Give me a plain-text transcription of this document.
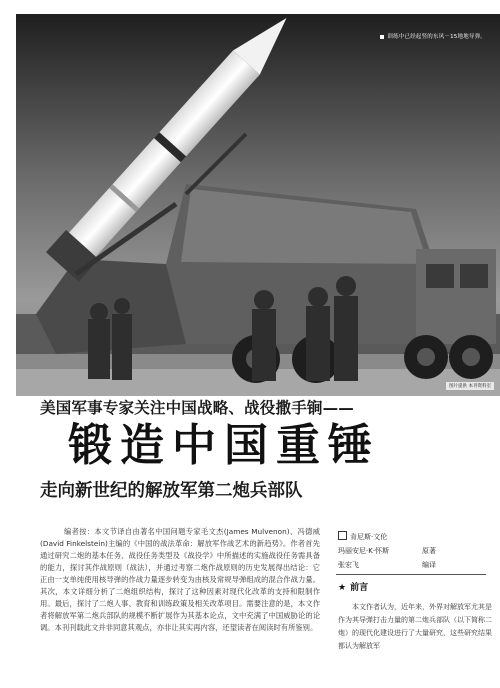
训练中已经起竖的东风－15地地导弹。
图片提供 本刊资料室
美国军事专家关注中国战略、战役撒手锏——
锻造中国重锤
走向新世纪的解放军第二炮兵部队
编者按：本文节译自由著名中国问题专家毛文杰(James Mulvenon)、冯德威(David Finkelstein)主编的《中国的战法革命：解放军作战艺术的新趋势》。作者首先通过研究二炮的基本任务、战役任务类型及《战役学》中所描述的实施战役任务需具备的能力，探讨其作战原则（战法），并通过考察二炮作战原则的历史发展得出结论：它正由一支单纯使用核导弹的作战力量逐步转变为由核及常规导弹组成的混合作战力量。其次，本文详细分析了二炮组织结构，探讨了这种因素对现代化改革的支持和限制作用。最后，探讨了二炮人事、教育和训练政策及相关改革项目。需要注意的是，本文作者将解放军第二炮兵部队的规模不断扩展作为其基本论点，文中充满了中国威胁论的论调。本刊刊载此文并非同意其观点，亦非让其实再内容，还望读者在阅读时有所鉴别。
肯尼斯·文伦
玛丽安尼·K·怀斯	原著
张宏飞	编译
★ 前言
本文作者认为，近年来，外界对解放军尤其是作为其导弹打击力量的第二炮兵部队（以下简称二炮）的现代化建设进行了大量研究，这些研究结果都认为解放军
